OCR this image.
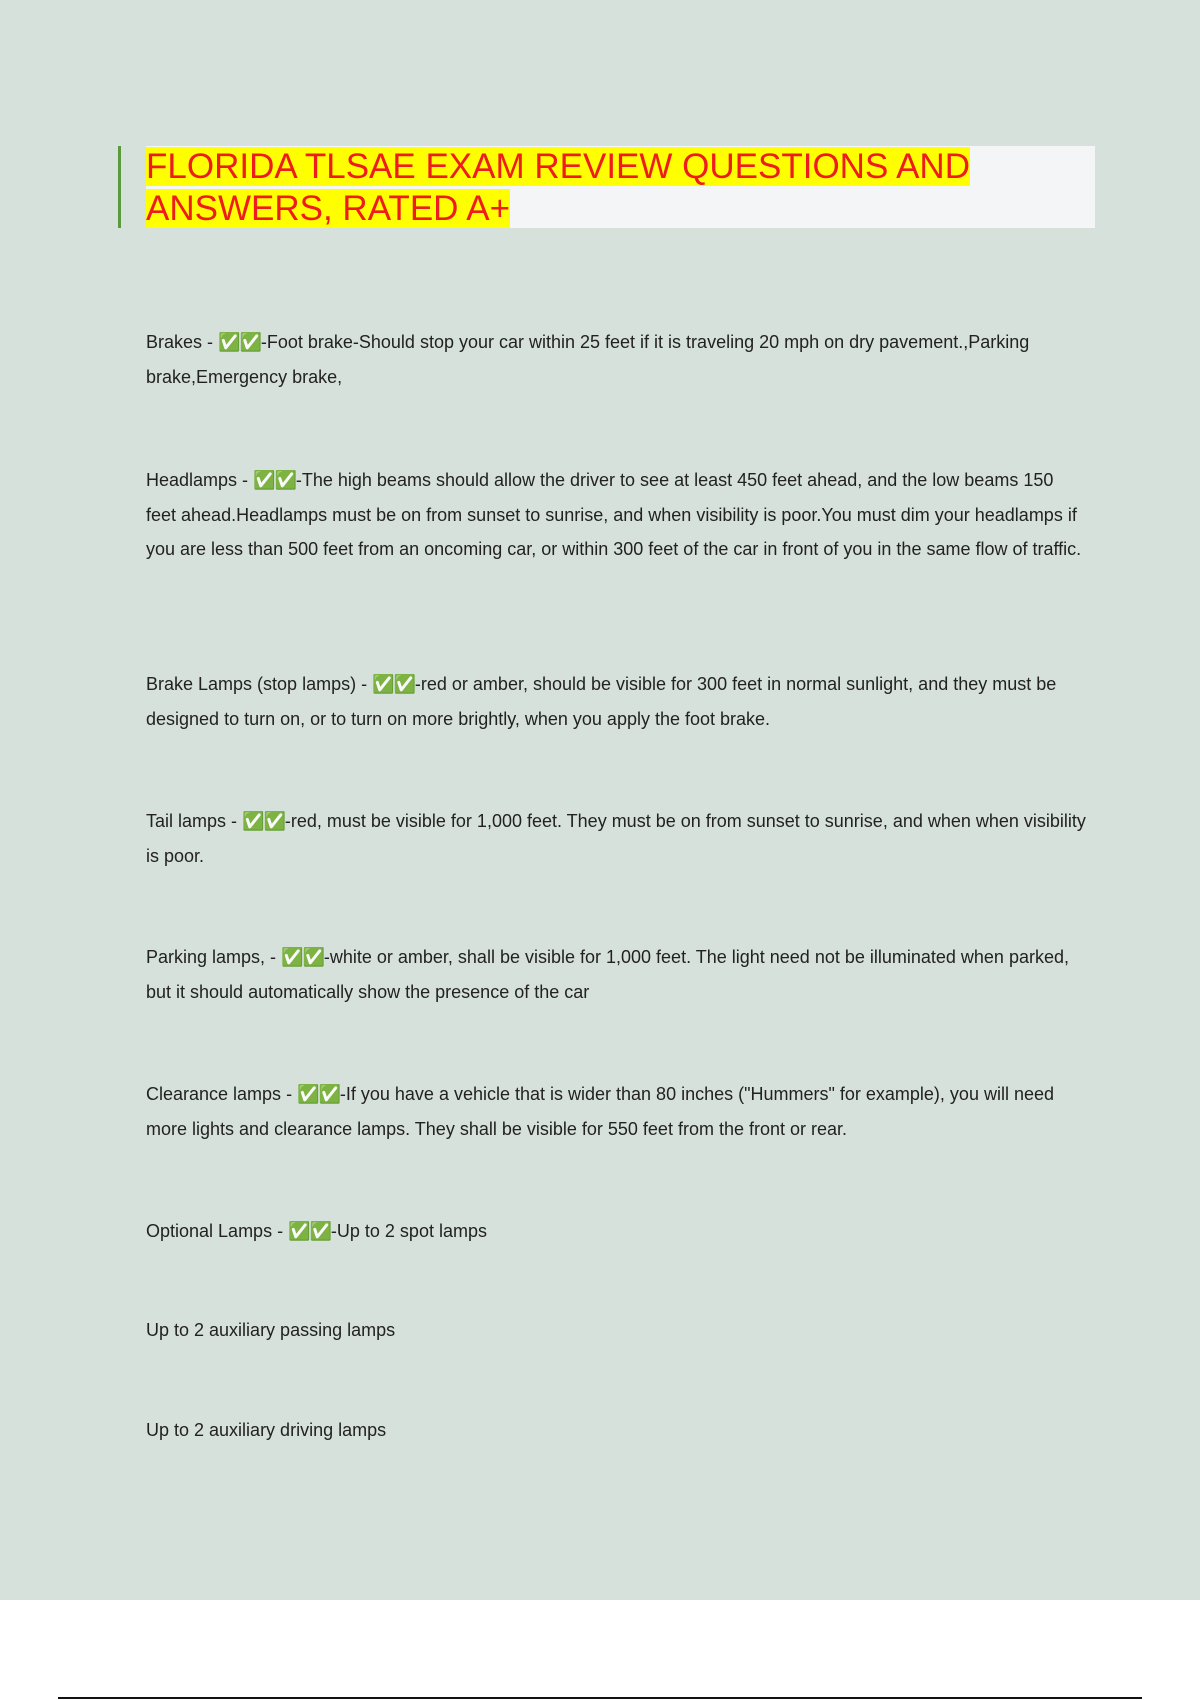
FLORIDA TLSAE EXAM REVIEW QUESTIONS AND
ANSWERS, RATED A+

Brakes - ✅✅-Foot brake-Should stop your car within 25 feet if it is traveling 20 mph on dry pavement.,Parking brake,Emergency brake,

Headlamps - ✅✅-The high beams should allow the driver to see at least 450 feet ahead, and the low beams 150 feet ahead.Headlamps must be on from sunset to sunrise, and when visibility is poor.You must dim your headlamps if you are less than 500 feet from an oncoming car, or within 300 feet of the car in front of you in the same flow of traffic.

Brake Lamps (stop lamps) - ✅✅-red or amber, should be visible for 300 feet in normal sunlight, and they must be designed to turn on, or to turn on more brightly, when you apply the foot brake.

Tail lamps - ✅✅-red, must be visible for 1,000 feet. They must be on from sunset to sunrise, and when when visibility is poor.

Parking lamps, - ✅✅-white or amber, shall be visible for 1,000 feet. The light need not be illuminated when parked, but it should automatically show the presence of the car

Clearance lamps - ✅✅-If you have a vehicle that is wider than 80 inches ("Hummers" for example), you will need more lights and clearance lamps. They shall be visible for 550 feet from the front or rear.

Optional Lamps - ✅✅-Up to 2 spot lamps

Up to 2 auxiliary passing lamps

Up to 2 auxiliary driving lamps
